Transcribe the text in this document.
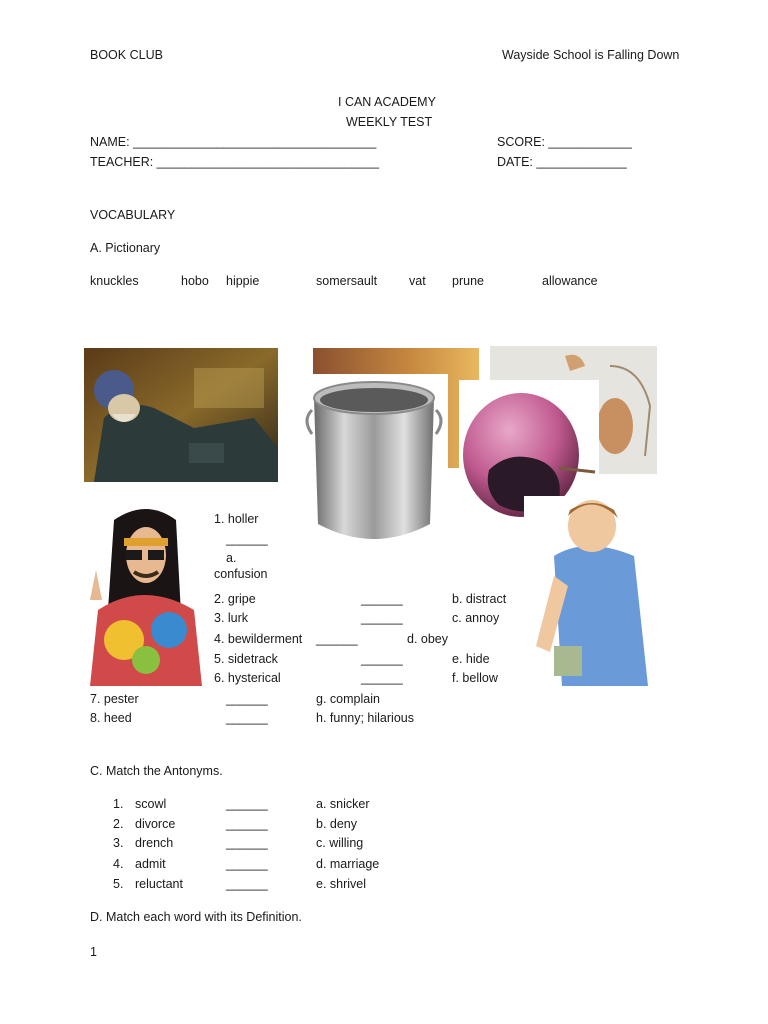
BOOK CLUB	Wayside School is Falling Down
I CAN ACADEMY
WEEKLY TEST
NAME: ___________________________________	SCORE: ____________
TEACHER: ________________________________	DATE: _____________
VOCABULARY
A. Pictionary
knuckles	hobo hippie	somersault	vat prune	allowance
1. holler
______
a. confusion
2. gripe	______	b. distract
3. lurk	______	c. annoy
4. bewilderment ______	d. obey
5. sidetrack	______	e. hide
6. hysterical	______	f. bellow
7. pester	______	g. complain
8. heed	______	h. funny; hilarious
C. Match the Antonyms.
1. scowl	______	a. snicker
2. divorce	______	b. deny
3. drench	______	c. willing
4. admit	______	d. marriage
5. reluctant	______	e. shrivel
D. Match each word with its Definition.
1
